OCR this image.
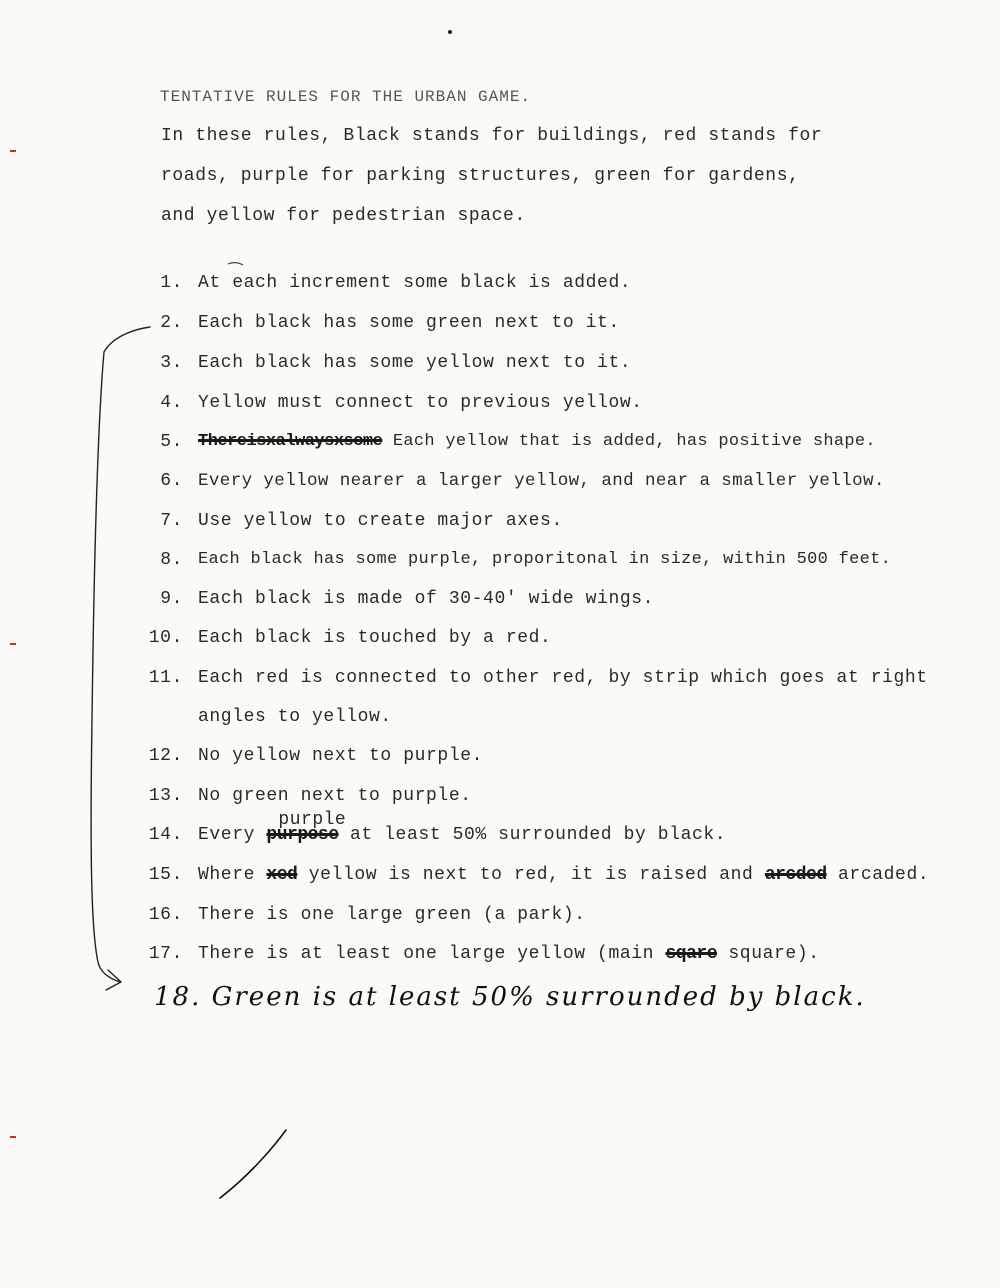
TENTATIVE RULES FOR THE URBAN GAME.
In these rules, Black stands for buildings, red stands for
roads, purple for parking structures, green for gardens,
and yellow for pedestrian space.
1. At each increment some black is added.
2. Each black has some green next to it.
3. Each black has some yellow next to it.
4. Yellow must connect to previous yellow.
5. Thereisxalwaysxsome Each yellow that is added, has positive shape.
6. Every yellow nearer a larger yellow, and near a smaller yellow.
7. Use yellow to create major axes.
8. Each black has some purple, proporitonal in size, within 500 feet.
9. Each black is made of 30-40' wide wings.
10. Each black is touched by a red.
11. Each red is connected to other red, by strip which goes at right
angles to yellow.
12. No yellow next to purple.
13. No green next to purple.
14. Every purpose
purple
at least 50% surrounded by black.
15. Where xed yellow is next to red, it is raised and arcded arcaded.
16. There is one large green (a park).
17. There is at least one large yellow (main sqare square).
18. Green is at least 50% surrounded by black.
